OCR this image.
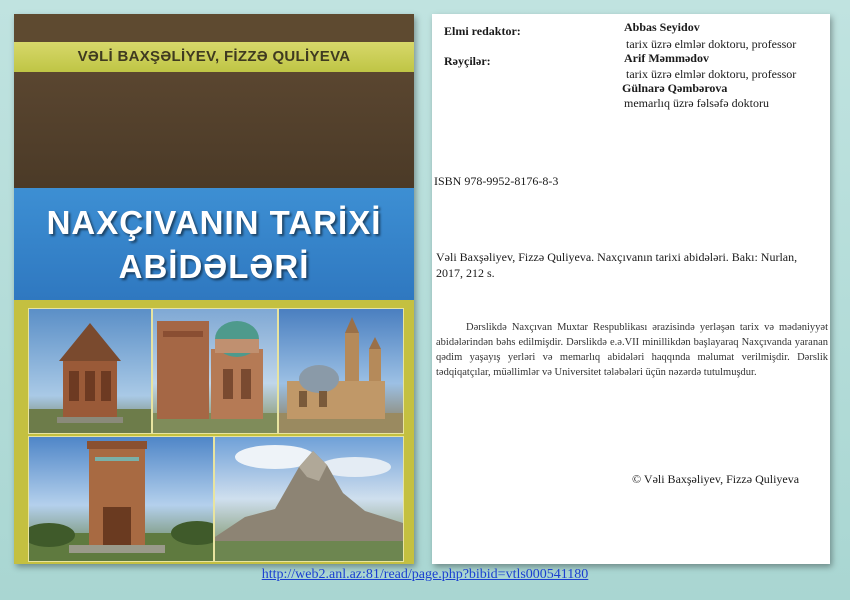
VƏLİ BAXŞƏLİYEV, FİZZƏ QULİYEVA
NAXÇIVANIN TARİXİ
ABİDƏLƏRİ
Elmi redaktor:	Abbas Seyidov
tarix üzrə elmlər doktoru, professor
Rəyçilər:	Arif Məmmədov
tarix üzrə elmlər doktoru, professor
Gülnarə Qəmbərova
memarlıq üzrə fəlsəfə doktoru
ISBN 978-9952-8176-8-3
Vəli Baxşəliyev, Fizzə Quliyeva. Naxçıvanın tarixi abidələri. Bakı: Nurlan,
2017, 212 s.
Dərslikdə Naxçıvan Muxtar Respublikası ərazisində yerləşən tarix və mədəniyyət abidələrindən bəhs edilmişdir. Dərslikdə e.ə.VII minillikdən başlayaraq Naxçıvanda yaranan qədim yaşayış yerləri və memarlıq abidələri haqqında məlumat verilmişdir. Dərslik tədqiqatçılar, müəllimlər və Universitet tələbələri üçün nəzərdə tutulmuşdur.
© Vəli Baxşəliyev, Fizzə Quliyeva
http://web2.anl.az:81/read/page.php?bibid=vtls000541180
